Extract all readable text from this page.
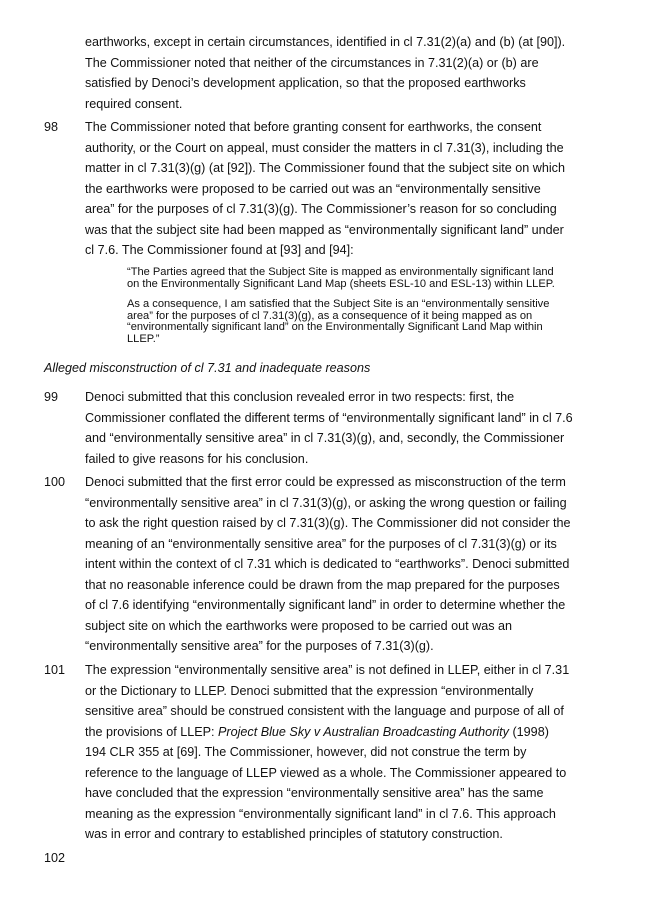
earthworks, except in certain circumstances, identified in cl 7.31(2)(a) and (b) (at [90]).
The Commissioner noted that neither of the circumstances in 7.31(2)(a) or (b) are
satisfied by Denoci’s development application, so that the proposed earthworks
required consent.
98	The Commissioner noted that before granting consent for earthworks, the consent
authority, or the Court on appeal, must consider the matters in cl 7.31(3), including the
matter in cl 7.31(3)(g) (at [92]). The Commissioner found that the subject site on which
the earthworks were proposed to be carried out was an “environmentally sensitive
area” for the purposes of cl 7.31(3)(g). The Commissioner’s reason for so concluding
was that the subject site had been mapped as “environmentally significant land” under
cl 7.6. The Commissioner found at [93] and [94]:

“The Parties agreed that the Subject Site is mapped as environmentally significant land
on the Environmentally Significant Land Map (sheets ESL-10 and ESL-13) within LLEP.

As a consequence, I am satisfied that the Subject Site is an “environmentally sensitive
area” for the purposes of cl 7.31(3)(g), as a consequence of it being mapped as on
“environmentally significant land” on the Environmentally Significant Land Map within
LLEP.”

Alleged misconstruction of cl 7.31 and inadequate reasons
99	Denoci submitted that this conclusion revealed error in two respects: first, the
Commissioner conflated the different terms of “environmentally significant land” in cl 7.6
and “environmentally sensitive area” in cl 7.31(3)(g), and, secondly, the Commissioner
failed to give reasons for his conclusion.
100	Denoci submitted that the first error could be expressed as misconstruction of the term
“environmentally sensitive area” in cl 7.31(3)(g), or asking the wrong question or failing
to ask the right question raised by cl 7.31(3)(g). The Commissioner did not consider the
meaning of an “environmentally sensitive area” for the purposes of cl 7.31(3)(g) or its
intent within the context of cl 7.31 which is dedicated to “earthworks”. Denoci submitted
that no reasonable inference could be drawn from the map prepared for the purposes
of cl 7.6 identifying “environmentally significant land” in order to determine whether the
subject site on which the earthworks were proposed to be carried out was an
“environmentally sensitive area” for the purposes of 7.31(3)(g).
101	The expression “environmentally sensitive area” is not defined in LLEP, either in cl 7.31
or the Dictionary to LLEP. Denoci submitted that the expression “environmentally
sensitive area” should be construed consistent with the language and purpose of all of
the provisions of LLEP: Project Blue Sky v Australian Broadcasting Authority (1998)
194 CLR 355 at [69]. The Commissioner, however, did not construe the term by
reference to the language of LLEP viewed as a whole. The Commissioner appeared to
have concluded that the expression “environmentally sensitive area” has the same
meaning as the expression “environmentally significant land” in cl 7.6. This approach
was in error and contrary to established principles of statutory construction.
102
